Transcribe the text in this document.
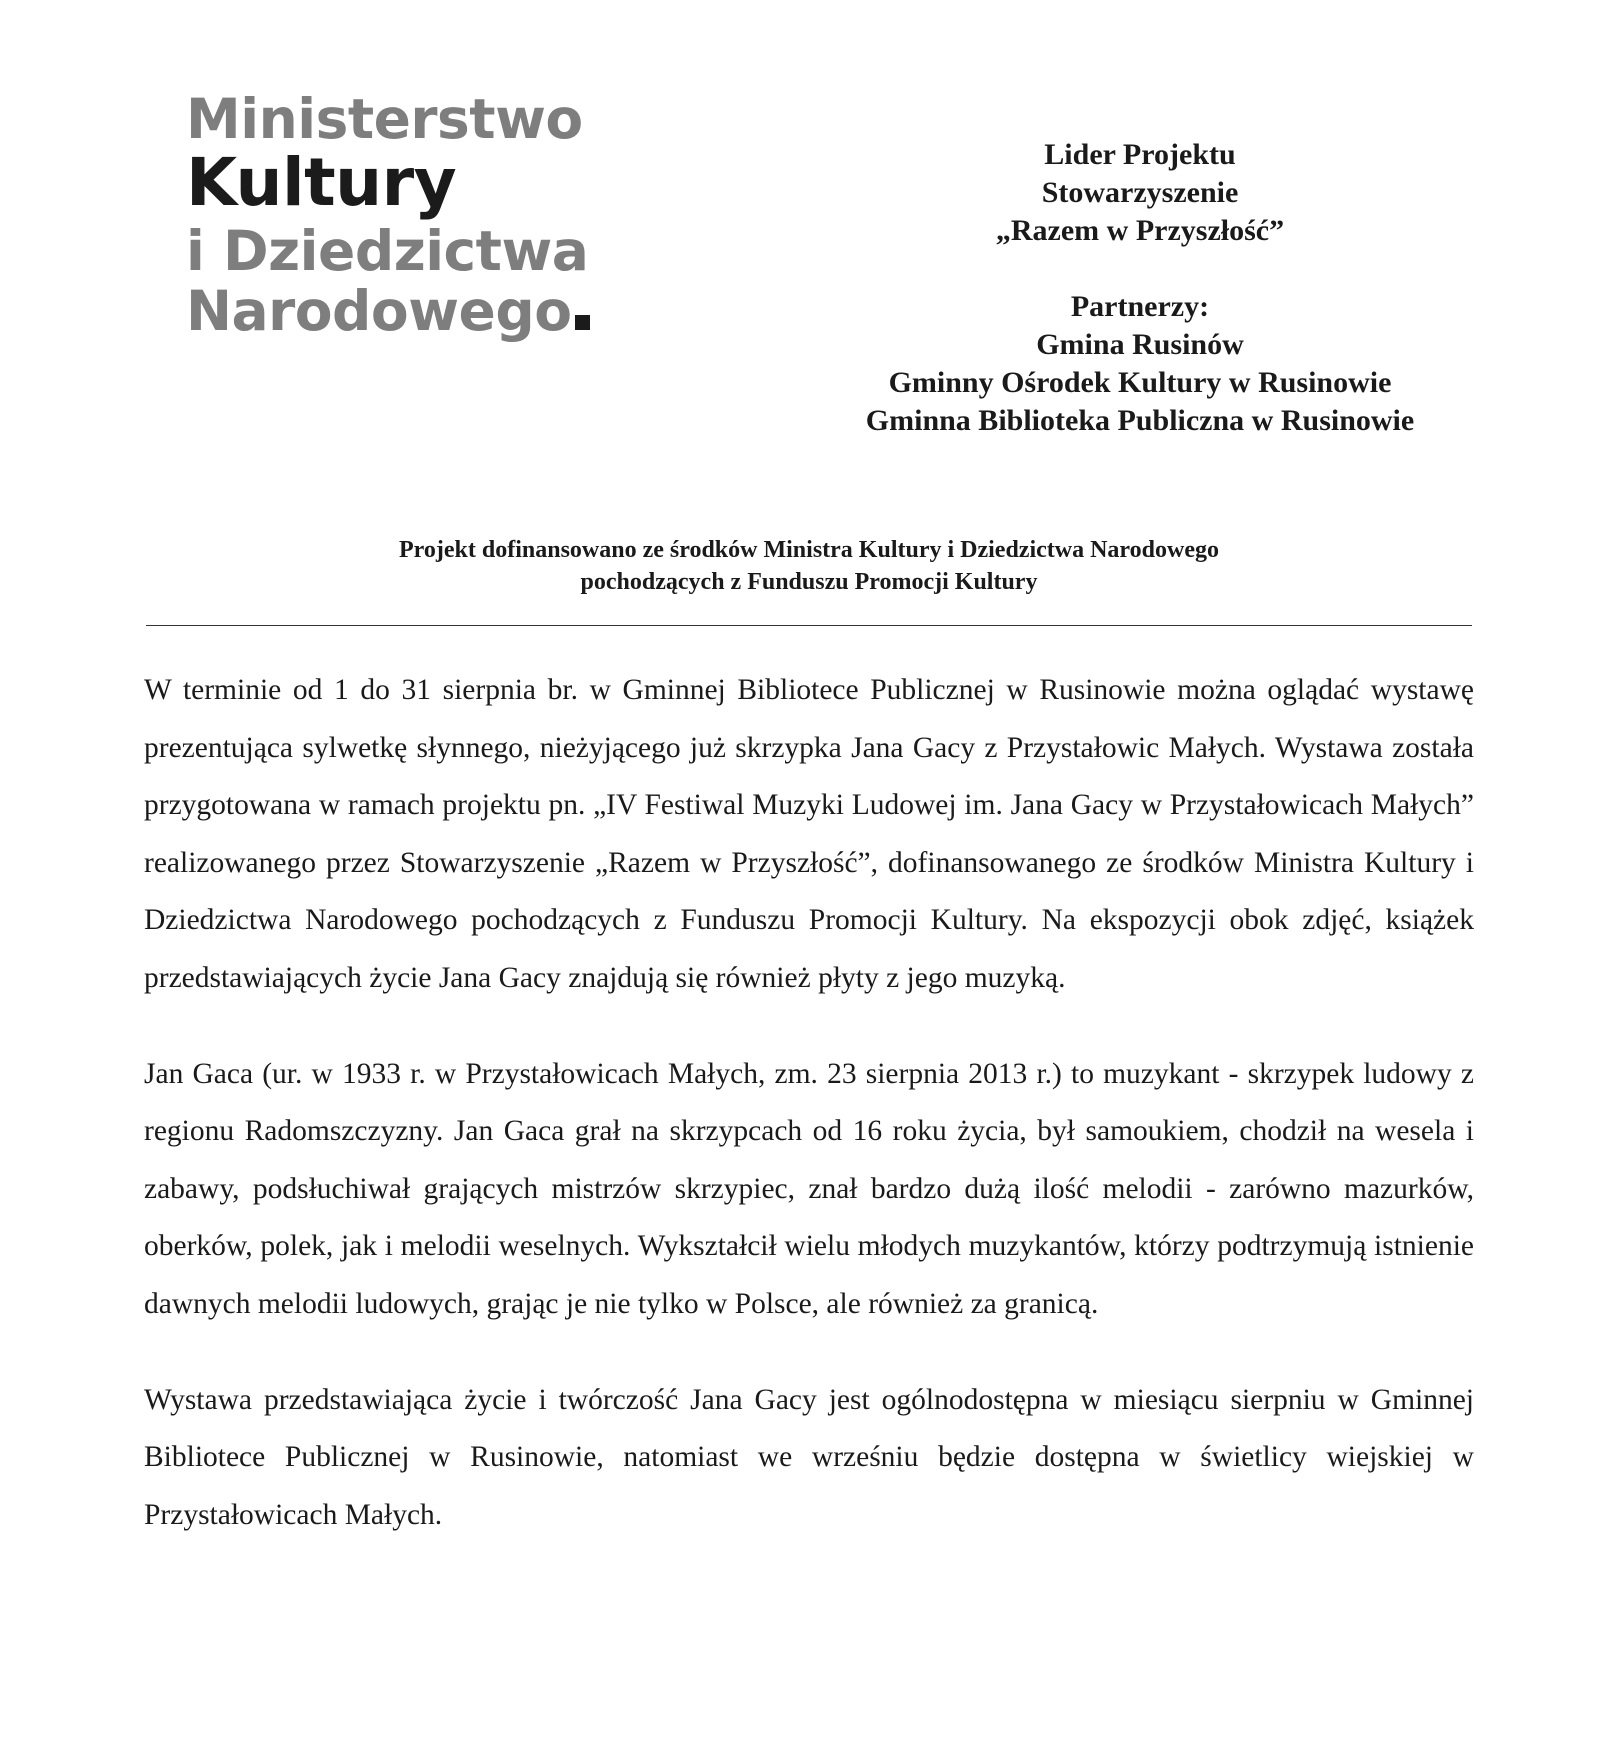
Ministerstwo
Kultury
i Dziedzictwa
Narodowego
Lider Projektu
Stowarzyszenie
„Razem w Przyszłość”
Partnerzy:
Gmina Rusinów
Gminny Ośrodek Kultury w Rusinowie
Gminna Biblioteka Publiczna w Rusinowie
Projekt dofinansowano ze środków Ministra Kultury i Dziedzictwa Narodowego
pochodzących z Funduszu Promocji Kultury

W terminie od 1 do 31 sierpnia br. w Gminnej Bibliotece Publicznej w Rusinowie można oglądać wystawę prezentująca sylwetkę słynnego, nieżyjącego już skrzypka Jana Gacy z Przystałowic Małych. Wystawa została przygotowana w ramach projektu pn. „IV Festiwal Muzyki Ludowej im. Jana Gacy w Przystałowicach Małych” realizowanego przez Stowarzyszenie „Razem w Przyszłość”, dofinansowanego ze środków Ministra Kultury i Dziedzictwa Narodowego pochodzących z Funduszu Promocji Kultury. Na ekspozycji obok zdjęć, książek przedstawiających życie Jana Gacy znajdują się również płyty z jego muzyką.

Jan Gaca (ur. w 1933 r. w Przystałowicach Małych, zm. 23 sierpnia 2013 r.) to muzykant - skrzypek ludowy z regionu Radomszczyzny. Jan Gaca grał na skrzypcach od 16 roku życia, był samoukiem, chodził na wesela i zabawy, podsłuchiwał grających mistrzów skrzypiec, znał bardzo dużą ilość melodii - zarówno mazurków, oberków, polek, jak i melodii weselnych. Wykształcił wielu młodych muzykantów, którzy podtrzymują istnienie dawnych melodii ludowych, grając je nie tylko w Polsce, ale również za granicą.

Wystawa przedstawiająca życie i twórczość Jana Gacy jest ogólnodostępna w miesiącu sierpniu w Gminnej Bibliotece Publicznej w Rusinowie, natomiast we wrześniu będzie dostępna w świetlicy wiejskiej w Przystałowicach Małych.
